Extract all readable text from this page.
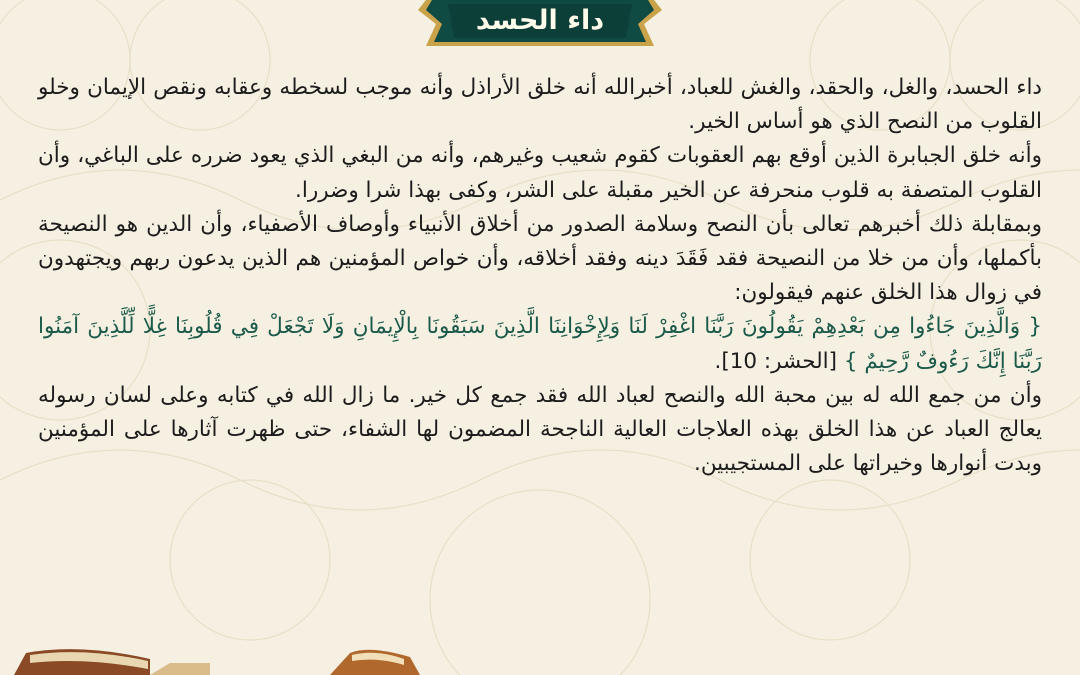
داء الحسد

داء الحسد، والغل، والحقد، والغش للعباد، أخبرالله أنه خلق الأراذل وأنه موجب لسخطه وعقابه ونقص الإيمان وخلو القلوب من النصح الذي هو أساس الخير.

وأنه خلق الجبابرة الذين أوقع بهم العقوبات كقوم شعيب وغيرهم، وأنه من البغي الذي يعود ضرره على الباغي، وأن القلوب المتصفة به قلوب منحرفة عن الخير مقبلة على الشر، وكفى بهذا شرا وضررا.

وبمقابلة ذلك أخبرهم تعالى بأن النصح وسلامة الصدور من أخلاق الأنبياء وأوصاف الأصفياء، وأن الدين هو النصيحة بأكملها، وأن من خلا من النصيحة فقد فَقَدَ دينه وفقد أخلاقه، وأن خواص المؤمنين هم الذين يدعون ربهم ويجتهدون في زوال هذا الخلق عنهم فيقولون:

{ وَالَّذِينَ جَاءُوا مِن بَعْدِهِمْ يَقُولُونَ رَبَّنَا اغْفِرْ لَنَا وَلِإِخْوَانِنَا الَّذِينَ سَبَقُونَا بِالْإِيمَانِ وَلَا تَجْعَلْ فِي قُلُوبِنَا غِلًّا لِّلَّذِينَ آمَنُوا رَبَّنَا إِنَّكَ رَءُوفٌ رَّحِيمٌ } [الحشر: 10].

وأن من جمع الله له بين محبة الله والنصح لعباد الله فقد جمع كل خير. ما زال الله في كتابه وعلى لسان رسوله يعالج العباد عن هذا الخلق بهذه العلاجات العالية الناجحة المضمون لها الشفاء، حتى ظهرت آثارها على المؤمنين وبدت أنوارها وخيراتها على المستجيبين.
